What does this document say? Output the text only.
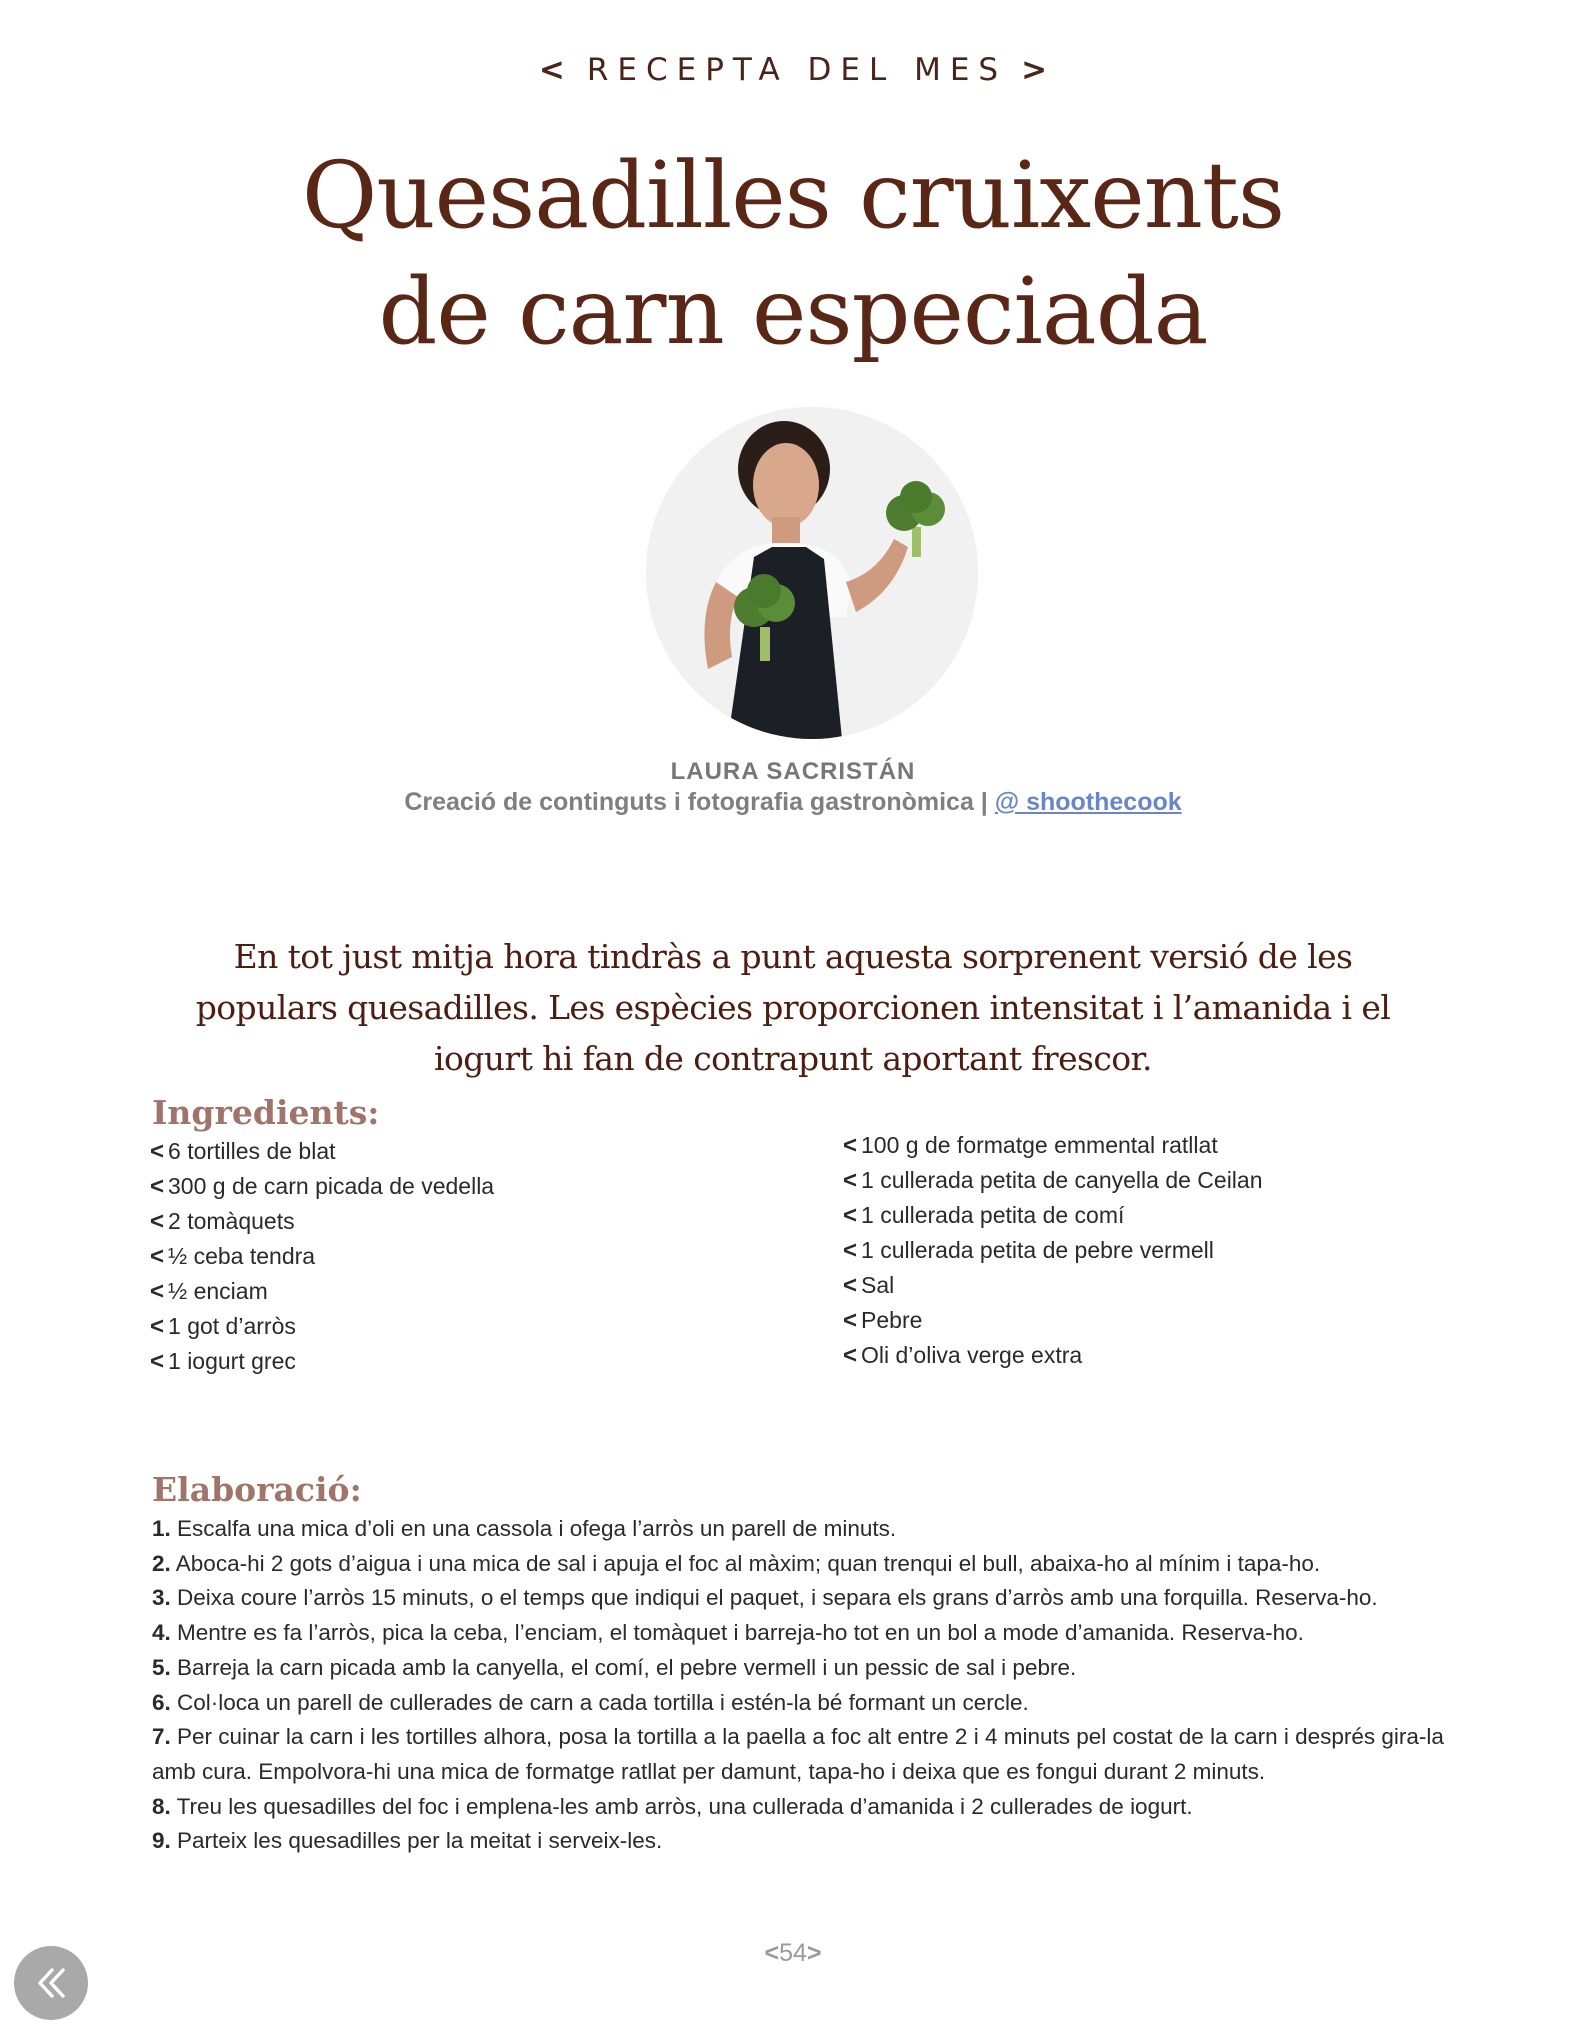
< RECEPTA DEL MES >
Quesadilles cruixents
de carn especiada
LAURA SACRISTÁN
Creació de continguts i fotografia gastronòmica | @ shoothecook

En tot just mitja hora tindràs a punt aquesta sorprenent versió de les populars quesadilles. Les espècies proporcionen intensitat i l’amanida i el iogurt hi fan de contrapunt aportant frescor.

Ingredients:
< 6 tortilles de blat
< 300 g de carn picada de vedella
< 2 tomàquets
< ½ ceba tendra
< ½ enciam
< 1 got d’arròs
< 1 iogurt grec
< 100 g de formatge emmental ratllat
< 1 cullerada petita de canyella de Ceilan
< 1 cullerada petita de comí
< 1 cullerada petita de pebre vermell
< Sal
< Pebre
< Oli d’oliva verge extra
Elaboració:
1. Escalfa una mica d’oli en una cassola i ofega l’arròs un parell de minuts.
2. Aboca-hi 2 gots d’aigua i una mica de sal i apuja el foc al màxim; quan trenqui el bull, abaixa-ho al mínim i tapa-ho.
3. Deixa coure l’arròs 15 minuts, o el temps que indiqui el paquet, i separa els grans d’arròs amb una forquilla. Reserva-ho.
4. Mentre es fa l’arròs, pica la ceba, l’enciam, el tomàquet i barreja-ho tot en un bol a mode d’amanida. Reserva-ho.
5. Barreja la carn picada amb la canyella, el comí, el pebre vermell i un pessic de sal i pebre.
6. Col·loca un parell de cullerades de carn a cada tortilla i estén-la bé formant un cercle.
7. Per cuinar la carn i les tortilles alhora, posa la tortilla a la paella a foc alt entre 2 i 4 minuts pel costat de la carn i després gira-la amb cura. Empolvora-hi una mica de formatge ratllat per damunt, tapa-ho i deixa que es fongui durant 2 minuts.
8. Treu les quesadilles del foc i emplena-les amb arròs, una cullerada d’amanida i 2 cullerades de iogurt.
9. Parteix les quesadilles per la meitat i serveix-les.
<54>
